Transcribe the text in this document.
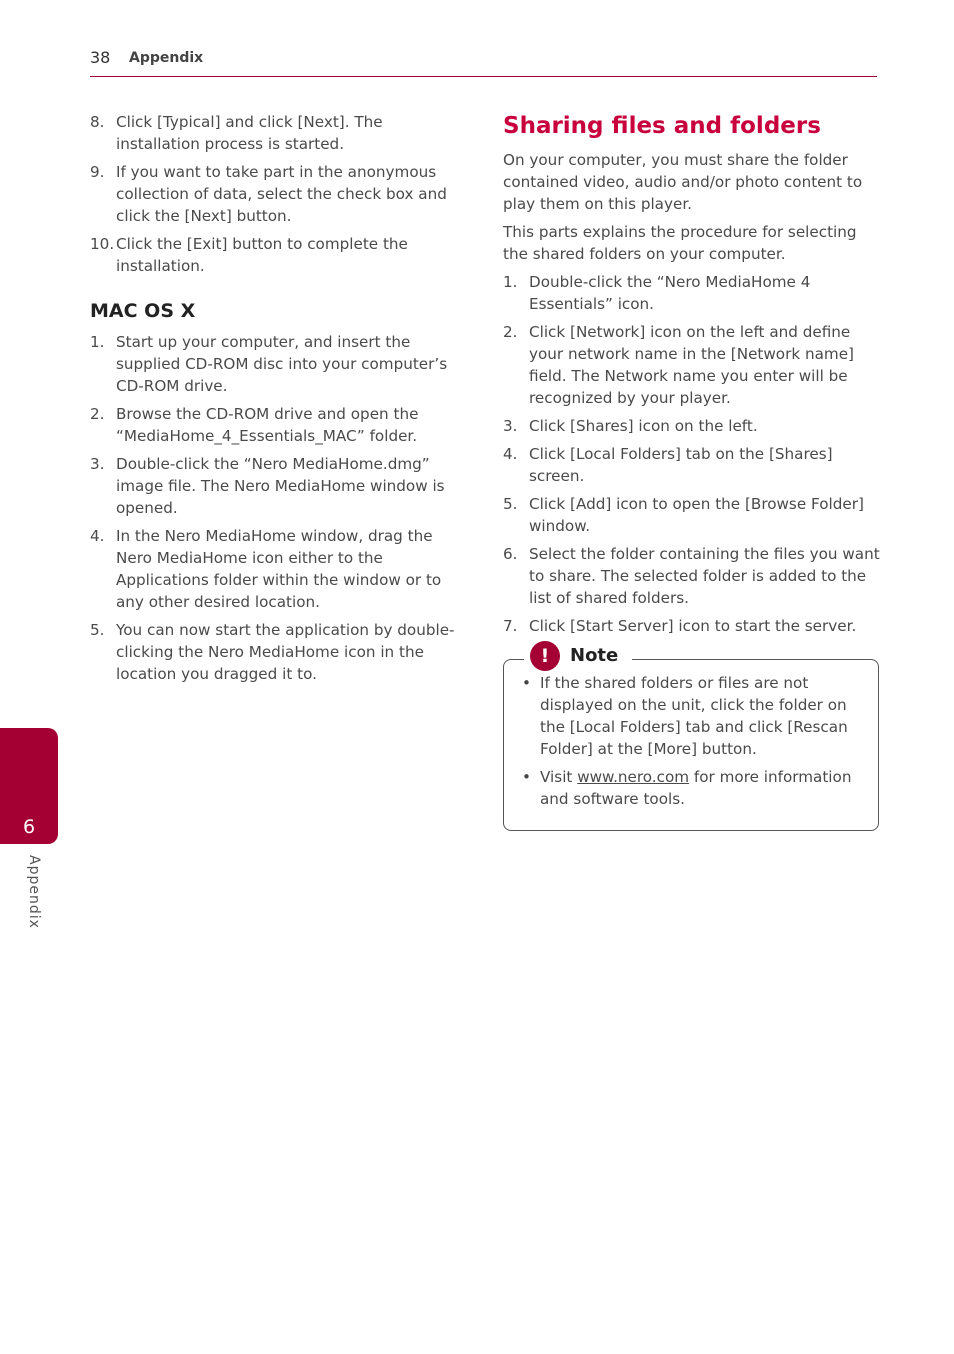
38 Appendix
8. Click [Typical] and click [Next]. The installation process is started.
9. If you want to take part in the anonymous collection of data, select the check box and click the [Next] button.
10. Click the [Exit] button to complete the installation.
MAC OS X
1. Start up your computer, and insert the supplied CD-ROM disc into your computer’s CD-ROM drive.
2. Browse the CD-ROM drive and open the “MediaHome_4_Essentials_MAC” folder.
3. Double-click the “Nero MediaHome.dmg” image file. The Nero MediaHome window is opened.
4. In the Nero MediaHome window, drag the Nero MediaHome icon either to the Applications folder within the window or to any other desired location.
5. You can now start the application by double-clicking the Nero MediaHome icon in the location you dragged it to.
Sharing files and folders

On your computer, you must share the folder contained video, audio and/or photo content to play them on this player.

This parts explains the procedure for selecting the shared folders on your computer.

1. Double-click the “Nero MediaHome 4 Essentials” icon.
2. Click [Network] icon on the left and define your network name in the [Network name] field. The Network name you enter will be recognized by your player.
3. Click [Shares] icon on the left.
4. Click [Local Folders] tab on the [Shares] screen.
5. Click [Add] icon to open the [Browse Folder] window.
6. Select the folder containing the files you want to share. The selected folder is added to the list of shared folders.
7. Click [Start Server] icon to start the server.
!	Note
• If the shared folders or files are not displayed on the unit, click the folder on the [Local Folders] tab and click [Rescan Folder] at the [More] button.
• Visit www.nero.com for more information and software tools.
6
Appendix
